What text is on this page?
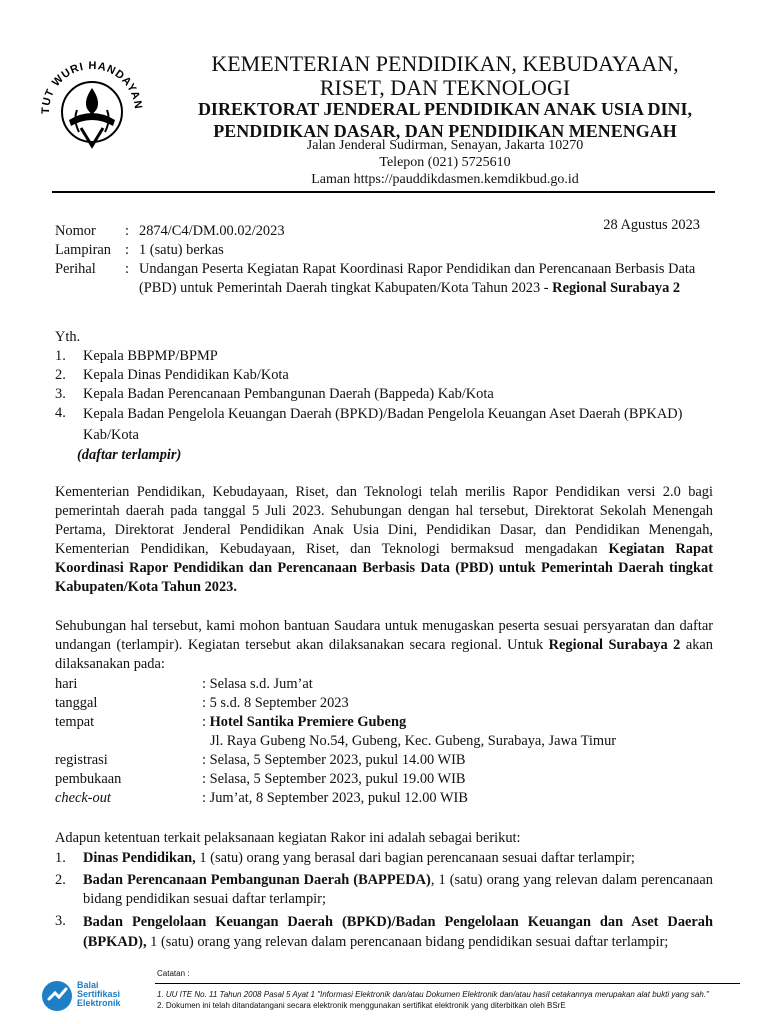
TUT WURI HANDAYAN
KEMENTERIAN PENDIDIKAN, KEBUDAYAAN,
RISET, DAN TEKNOLOGI
DIREKTORAT JENDERAL PENDIDIKAN ANAK USIA DINI,
PENDIDIKAN DASAR, DAN PENDIDIKAN MENENGAH
Jalan Jenderal Sudirman, Senayan, Jakarta 10270
Telepon (021) 5725610
Laman https://pauddikdasmen.kemdikbud.go.id
28 Agustus 2023
Nomor	: 2874/C4/DM.00.02/2023
Lampiran : 1 (satu) berkas
Perihal	: Undangan Peserta Kegiatan Rapat Koordinasi Rapor Pendidikan dan Perencanaan Berbasis Data (PBD) untuk Pemerintah Daerah tingkat Kabupaten/Kota Tahun 2023 - Regional Surabaya 2
Yth.
1.	Kepala BBPMP/BPMP
2.	Kepala Dinas Pendidikan Kab/Kota
3.	Kepala Badan Perencanaan Pembangunan Daerah (Bappeda) Kab/Kota
4.	Kepala Badan Pengelola Keuangan Daerah (BPKD)/Badan Pengelola Keuangan Aset Daerah (BPKAD) Kab/Kota
(daftar terlampir)
Kementerian Pendidikan, Kebudayaan, Riset, dan Teknologi telah merilis Rapor Pendidikan versi 2.0 bagi pemerintah daerah pada tanggal 5 Juli 2023. Sehubungan dengan hal tersebut, Direktorat Sekolah Menengah Pertama, Direktorat Jenderal Pendidikan Anak Usia Dini, Pendidikan Dasar, dan Pendidikan Menengah, Kementerian Pendidikan, Kebudayaan, Riset, dan Teknologi bermaksud mengadakan Kegiatan Rapat Koordinasi Rapor Pendidikan dan Perencanaan Berbasis Data (PBD) untuk Pemerintah Daerah tingkat Kabupaten/Kota Tahun 2023.
Sehubungan hal tersebut, kami mohon bantuan Saudara untuk menugaskan peserta sesuai persyaratan dan daftar undangan (terlampir). Kegiatan tersebut akan dilaksanakan secara regional. Untuk Regional Surabaya 2 akan dilaksanakan pada:
hari	: Selasa s.d. Jum’at
tanggal	: 5 s.d. 8 September 2023
tempat	: Hotel Santika Premiere Gubeng
Jl. Raya Gubeng No.54, Gubeng, Kec. Gubeng, Surabaya, Jawa Timur
registrasi	: Selasa, 5 September 2023, pukul 14.00 WIB
pembukaan	: Selasa, 5 September 2023, pukul 19.00 WIB
check-out	: Jum’at, 8 September 2023, pukul 12.00 WIB
Adapun ketentuan terkait pelaksanaan kegiatan Rakor ini adalah sebagai berikut:
1.	Dinas Pendidikan, 1 (satu) orang yang berasal dari bagian perencanaan sesuai daftar terlampir;
2.	Badan Perencanaan Pembangunan Daerah (BAPPEDA), 1 (satu) orang yang relevan dalam perencanaan bidang pendidikan sesuai daftar terlampir;
3.	Badan Pengelolaan Keuangan Daerah (BPKD)/Badan Pengelolaan Keuangan dan Aset Daerah (BPKAD), 1 (satu) orang yang relevan dalam perencanaan bidang pendidikan sesuai daftar terlampir;
Balai
Sertifikasi
Elektronik
Catatan :
1. UU ITE No. 11 Tahun 2008 Pasal 5 Ayat 1 "Informasi Elektronik dan/atau Dokumen Elektronik dan/atau hasil cetakannya merupakan alat bukti yang sah."
2. Dokumen ini telah ditandatangani secara elektronik menggunakan sertifikat elektronik yang diterbitkan oleh BSrE
